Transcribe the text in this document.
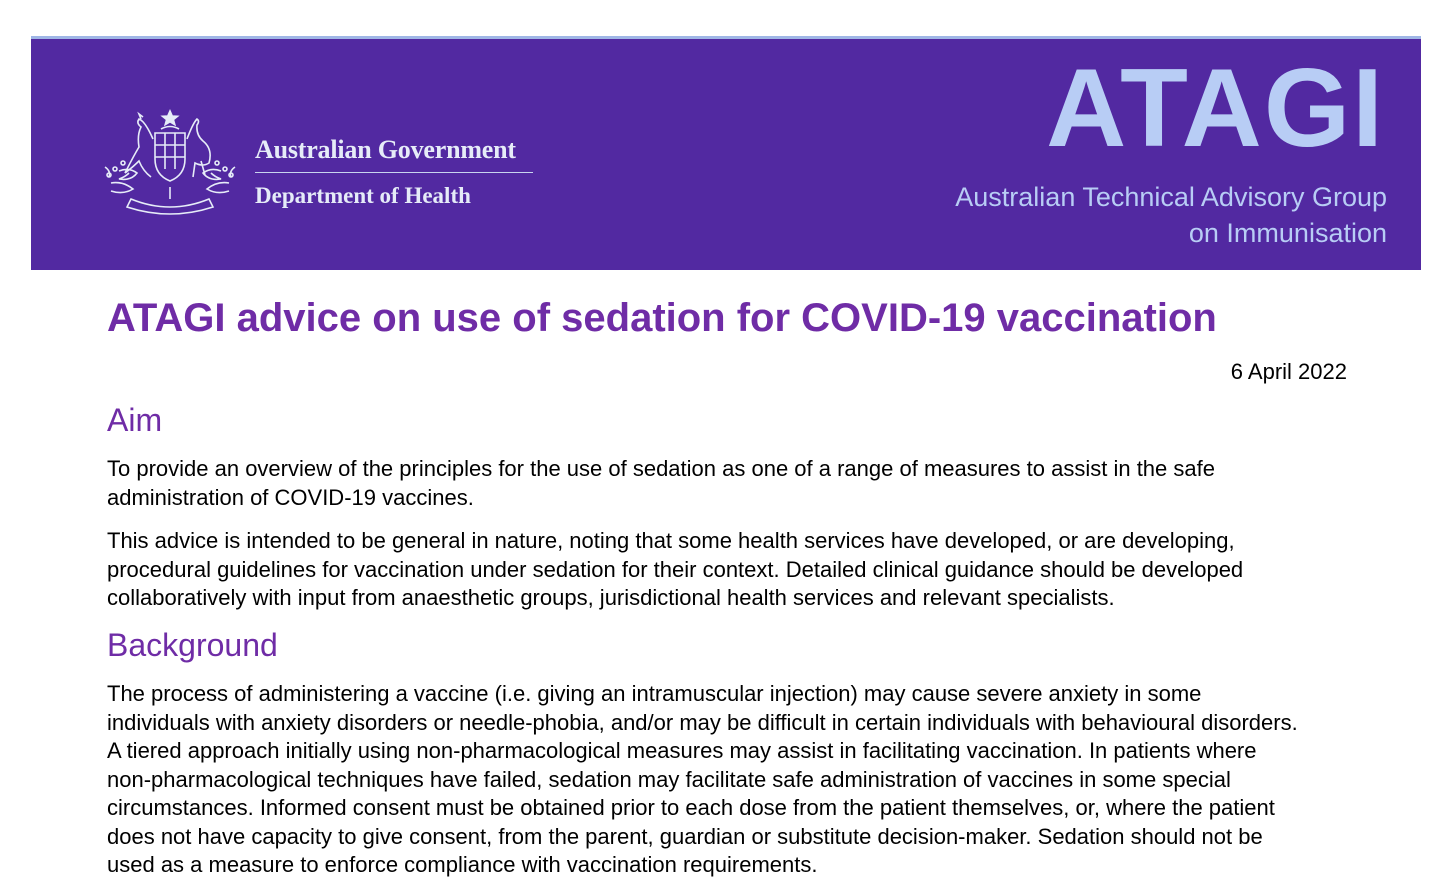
Australian Government
Department of Health
ATAGI
Australian Technical Advisory Group
on Immunisation
ATAGI advice on use of sedation for COVID-19 vaccination
6 April 2022
Aim

To provide an overview of the principles for the use of sedation as one of a range of measures to assist in the safe
administration of COVID-19 vaccines.

This advice is intended to be general in nature, noting that some health services have developed, or are developing,
procedural guidelines for vaccination under sedation for their context. Detailed clinical guidance should be developed
collaboratively with input from anaesthetic groups, jurisdictional health services and relevant specialists.

Background

The process of administering a vaccine (i.e. giving an intramuscular injection) may cause severe anxiety in some
individuals with anxiety disorders or needle-phobia, and/or may be difficult in certain individuals with behavioural disorders.
A tiered approach initially using non-pharmacological measures may assist in facilitating vaccination. In patients where
non-pharmacological techniques have failed, sedation may facilitate safe administration of vaccines in some special
circumstances. Informed consent must be obtained prior to each dose from the patient themselves, or, where the patient
does not have capacity to give consent, from the parent, guardian or substitute decision-maker. Sedation should not be
used as a measure to enforce compliance with vaccination requirements.
